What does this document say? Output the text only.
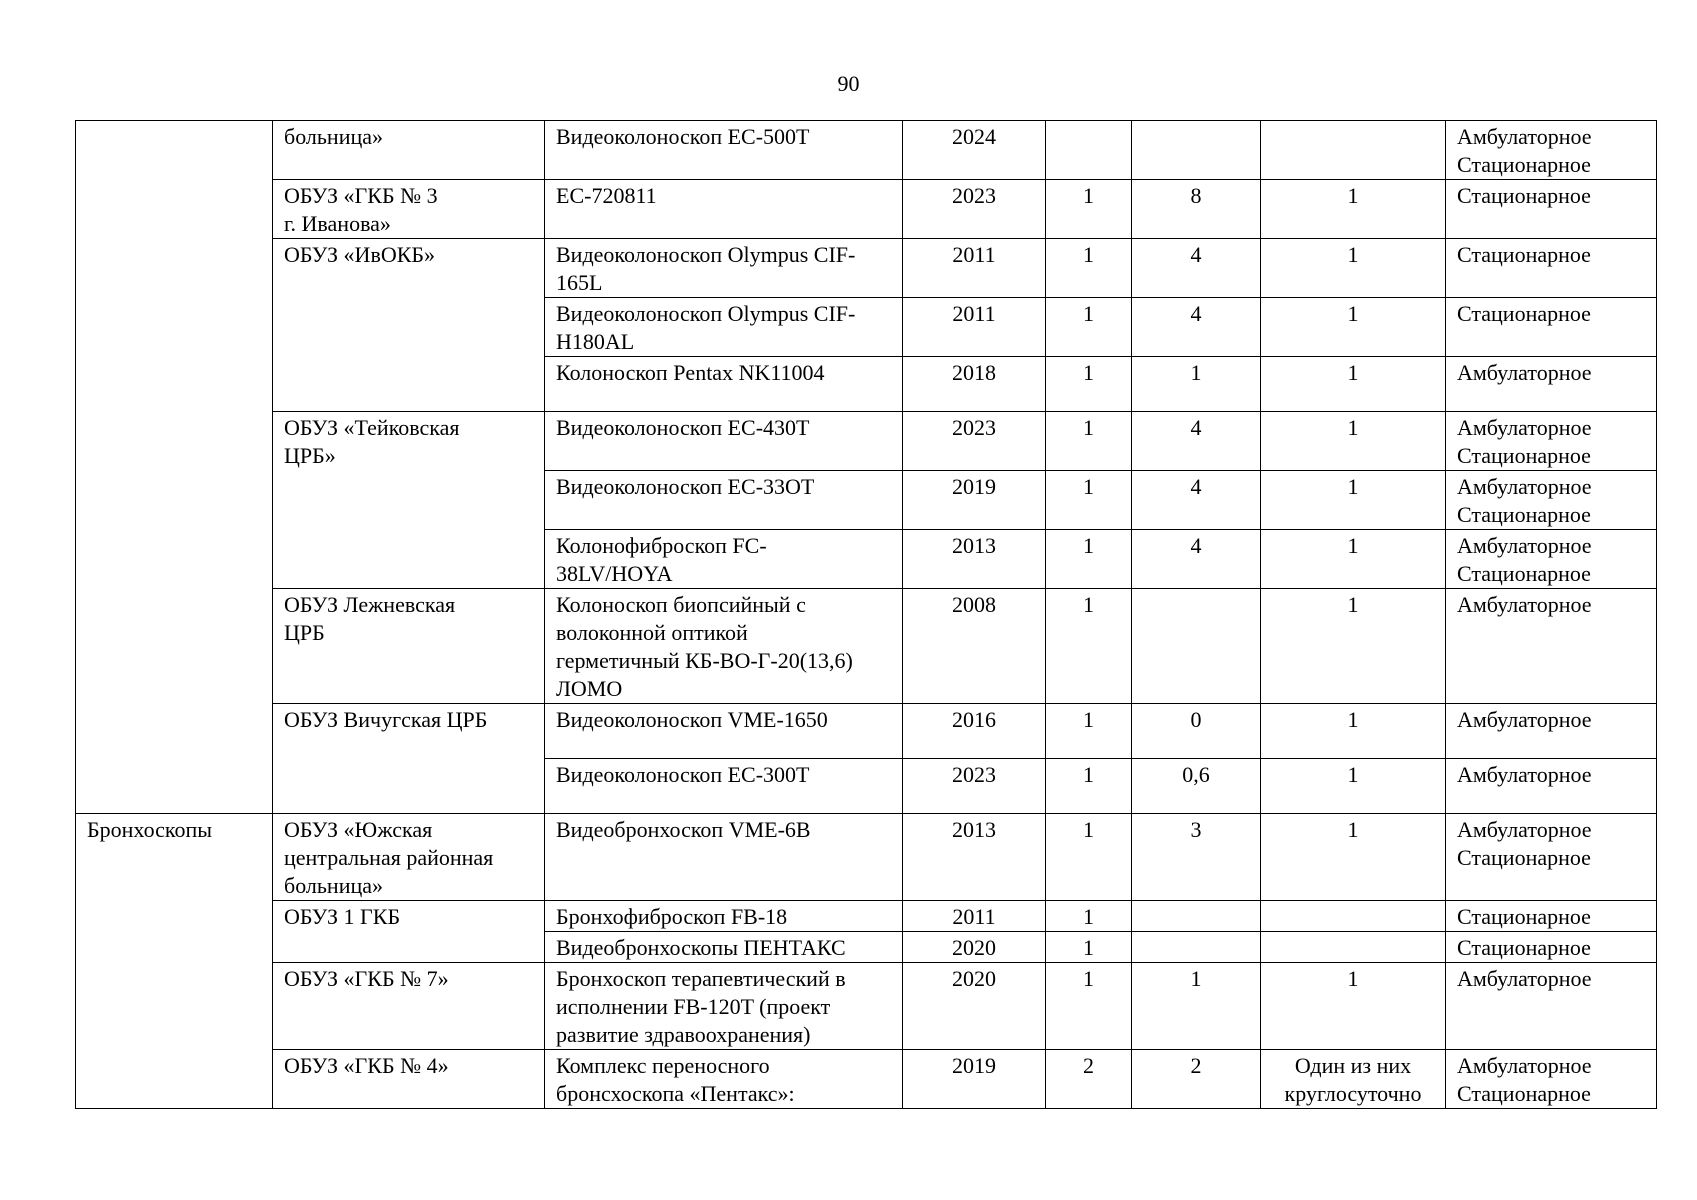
90
	больница»	Видеоколоноскоп ЕС-500Т	2024				Амбулаторное
Стационарное
	ОБУЗ «ГКБ № 3
г. Иванова»	ЕС-720811	2023	1	8	1	Стационарное
	ОБУЗ «ИвОКБ»	Видеоколоноскоп Olympus CIF-
165L	2011	1	4	1	Стационарное
		Видеоколоноскоп Olympus CIF-
H180AL	2011	1	4	1	Стационарное
		Колоноскоп Pentax NK11004	2018	1	1	1	Амбулаторное
	ОБУЗ «Тейковская
ЦРБ»	Видеоколоноскоп ЕС-430Т	2023	1	4	1	Амбулаторное
Стационарное
		Видеоколоноскоп ЕС-33ОТ	2019	1	4	1	Амбулаторное
Стационарное
		Колонофиброскоп FC-
38LV/HOYA	2013	1	4	1	Амбулаторное
Стационарное
	ОБУЗ Лежневская
ЦРБ	Колоноскоп биопсийный с
волоконной оптикой
герметичный КБ-ВО-Г-20(13,6)
ЛОМО	2008	1		1	Амбулаторное
	ОБУЗ Вичугская ЦРБ	Видеоколоноскоп VME-1650	2016	1	0	1	Амбулаторное
		Видеоколоноскоп ЕС-300Т	2023	1	0,6	1	Амбулаторное
Бронхоскопы	ОБУЗ «Южская
центральная районная
больница»	Видеобронхоскоп VME-6B	2013	1	3	1	Амбулаторное
Стационарное
	ОБУЗ 1 ГКБ	Бронхофиброскоп FB-18	2011	1			Стационарное
		Видеобронхоскопы ПЕНТАКС	2020	1			Стационарное
	ОБУЗ «ГКБ № 7»	Бронхоскоп терапевтический в
исполнении FB-120T (проект
развитие здравоохранения)	2020	1	1	1	Амбулаторное
	ОБУЗ «ГКБ № 4»	Комплекс переносного
бронсхоскопа «Пентакс»:	2019	2	2	Один из них
круглосуточно	Амбулаторное
Стационарное
